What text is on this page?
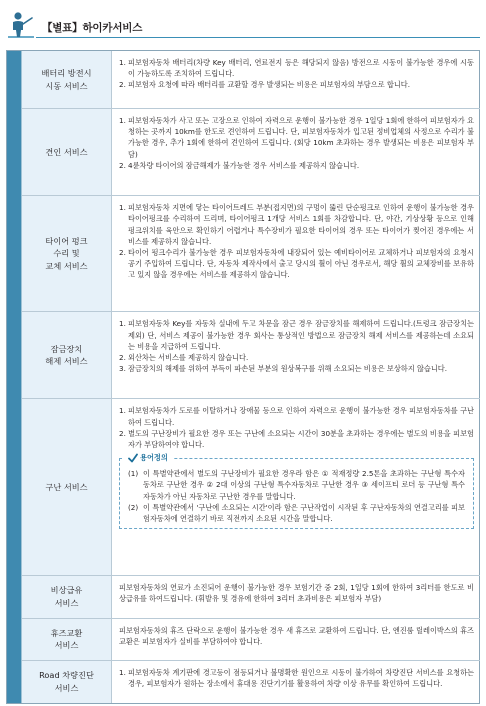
【별표】하이카서비스
배터리 방전시
시동 서비스
1. 피보험자동차 배터리(차량 Key 배터리, 연료전지 등은 해당되지 않음) 방전으로 시동이 불가능한 경우에 시동이 가능하도록 조치하여 드립니다.
2. 피보험자 요청에 따라 배터리를 교환할 경우 발생되는 비용은 피보험자의 부담으로 합니다.
견인 서비스
1. 피보험자동차가 사고 또는 고장으로 인하여 자력으로 운행이 불가능한 경우 1일당 1회에 한하여 피보험자가 요청하는 곳까지 10km를 한도로 견인하여 드립니다. 단, 피보험자동차가 입고된 정비업체의 사정으로 수리가 불가능한 경우, 추가 1회에 한하여 견인하여 드립니다. (회당 10km 초과하는 경우 발생되는 비용은 피보험자 부담)
2. 4륜차량 타이어의 잠금해제가 불가능한 경우 서비스를 제공하지 않습니다.
타이어 펑크
수리 및
교체 서비스
1. 피보험자동차 지면에 닿는 타이어트레드 부분(접지면)의 구멍이 뚫린 단순펑크로 인하여 운행이 불가능한 경우 타이어펑크를 수리하여 드리며, 타이어펑크 1개당 서비스 1회를 차감합니다. 단, 야간, 기상상황 등으로 인해 펑크위치를 육안으로 확인하기 어렵거나 특수장비가 필요한 타이어의 경우 또는 타이어가 찢어진 경우에는 서비스를 제공하지 않습니다.
2. 타이어 펑크수리가 불가능한 경우 피보험자동차에 내장되어 있는 예비타이어로 교체하거나 피보험자의 요청시 공기 주입하여 드립니다. 단, 자동차 제작사에서 출고 당시의 휠이 아닌 경우로서, 해당 휠의 교체장비를 보유하고 있지 않을 경우에는 서비스를 제공하지 않습니다.
잠금장치
해제 서비스
1. 피보험자동차 Key를 자동차 실내에 두고 차문을 잠근 경우 잠금장치를 해제하여 드립니다.(트렁크 잠금장치는 제외) 단, 서비스 제공이 불가능한 경우 회사는 통상적인 방법으로 잠금장치 해제 서비스를 제공하는데 소요되는 비용을 지급하여 드립니다.
2. 외산차는 서비스를 제공하지 않습니다.
3. 잠금장치의 해제를 위하여 부득이 파손된 부분의 원상복구를 위해 소요되는 비용은 보상하지 않습니다.
구난 서비스
1. 피보험자동차가 도로를 이탈하거나 장애물 등으로 인하여 자력으로 운행이 불가능한 경우 피보험자동차를 구난하여 드립니다.
2. 별도의 구난장비가 필요한 경우 또는 구난에 소요되는 시간이 30분을 초과하는 경우에는 별도의 비용을 피보험자가 부담하여야 합니다.
용어정의
(1) 이 특별약관에서 별도의 구난장비가 필요한 경우라 함은 ① 적재정량 2.5톤을 초과하는 구난형 특수자동차로 구난한 경우 ② 2대 이상의 구난형 특수자동차로 구난한 경우 ③ 세이프티 로더 등 구난형 특수자동차가 아닌 자동차로 구난한 경우를 말합니다.
(2) 이 특별약관에서 '구난에 소요되는 시간'이라 함은 구난작업이 시작된 후 구난자동차의 연결고리를 피보험자동차에 연결하기 바로 직전까지 소요된 시간을 말합니다.
비상급유
서비스
피보험자동차의 연료가 소진되어 운행이 불가능한 경우 보험기간 중 2회, 1일당 1회에 한하여 3리터를 한도로 비상급유를 하여드립니다. (휘발유 및 경유에 한하여 3리터 초과비용은 피보험자 부담)
휴즈교환
서비스
피보험자동차의 휴즈 단락으로 운행이 불가능한 경우 새 휴즈로 교환하여 드립니다. 단, 엔진룸 릴레이박스의 휴즈 교환은 피보험자가 실비를 부담하여야 합니다.
Road 차량진단
서비스
1. 피보험자동차 계기판에 경고등이 점등되거나 불명확한 원인으로 시동이 불가하여 차량진단 서비스를 요청하는 경우, 피보험자가 원하는 장소에서 휴대용 진단기기를 활용하여 차량 이상 유무를 확인하여 드립니다.
